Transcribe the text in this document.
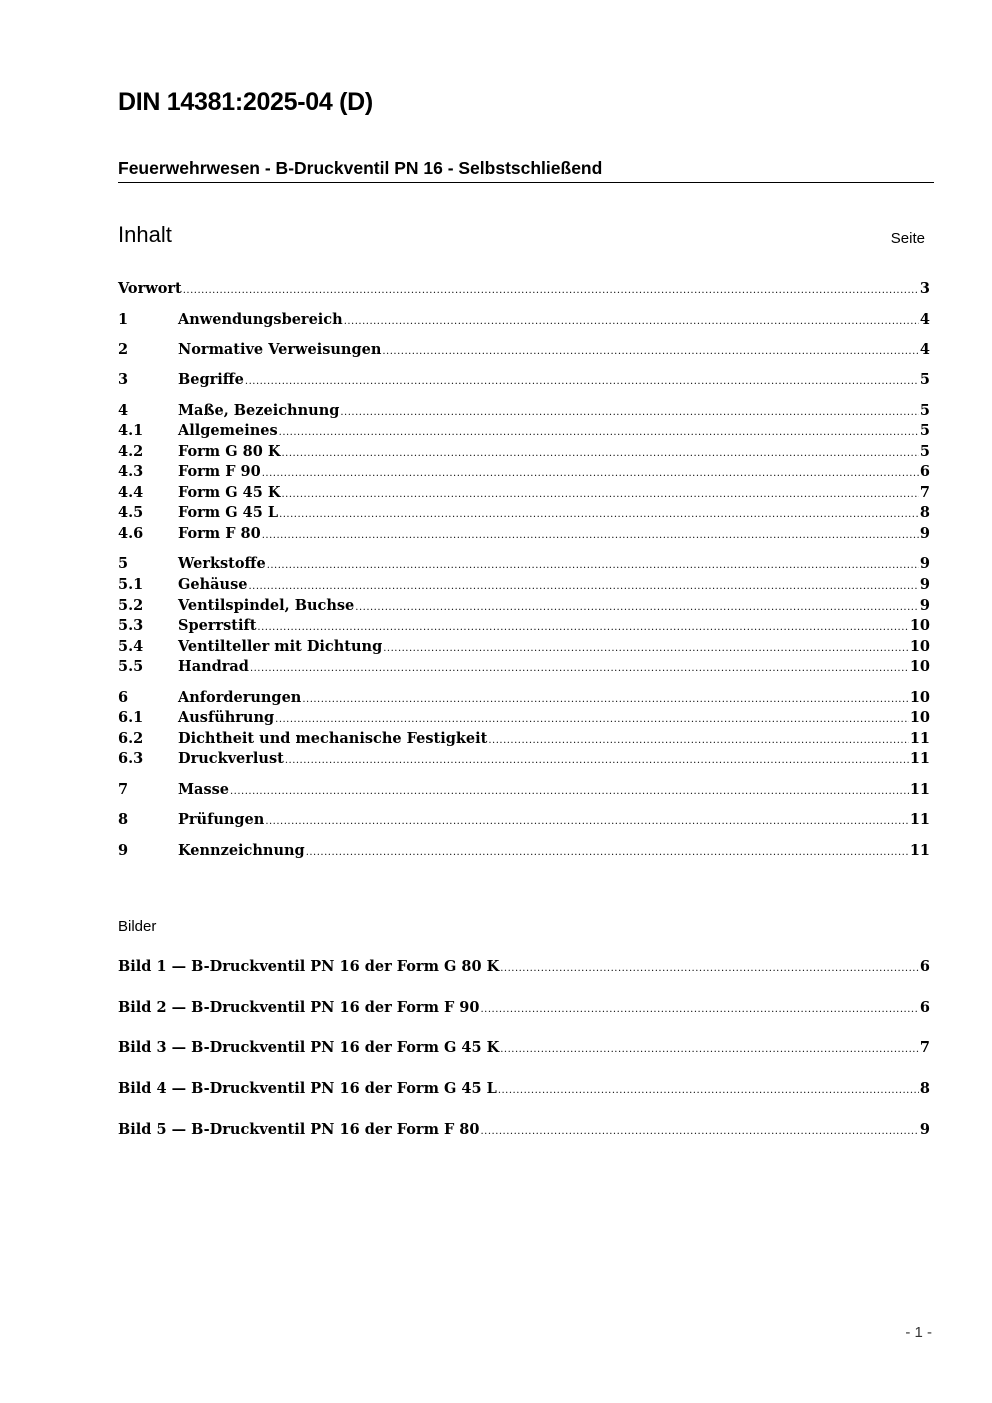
DIN 14381:2025-04 (D)
Feuerwehrwesen - B-Druckventil PN 16 - Selbstschließend
Inhalt	Seite
Vorwort .....	3
1	Anwendungsbereich .....	4
2	Normative Verweisungen .....	4
3	Begriffe .....	5
4	Maße, Bezeichnung .....	5
4.1	Allgemeines .....	5
4.2	Form G 80 K .....	5
4.3	Form F 90 .....	6
4.4	Form G 45 K .....	7
4.5	Form G 45 L .....	8
4.6	Form F 80 .....	9
5	Werkstoffe .....	9
5.1	Gehäuse .....	9
5.2	Ventilspindel, Buchse .....	9
5.3	Sperrstift .....	10
5.4	Ventilteller mit Dichtung .....	10
5.5	Handrad .....	10
6	Anforderungen .....	10
6.1	Ausführung .....	10
6.2	Dichtheit und mechanische Festigkeit .....	11
6.3	Druckverlust .....	11
7	Masse .....	11
8	Prüfungen .....	11
9	Kennzeichnung .....	11
Bilder
Bild 1 — B-Druckventil PN 16 der Form G 80 K .....	6
Bild 2 — B-Druckventil PN 16 der Form F 90 .....	6
Bild 3 — B-Druckventil PN 16 der Form G 45 K .....	7
Bild 4 — B-Druckventil PN 16 der Form G 45 L .....	8
Bild 5 — B-Druckventil PN 16 der Form F 80 .....	9
- 1 -
